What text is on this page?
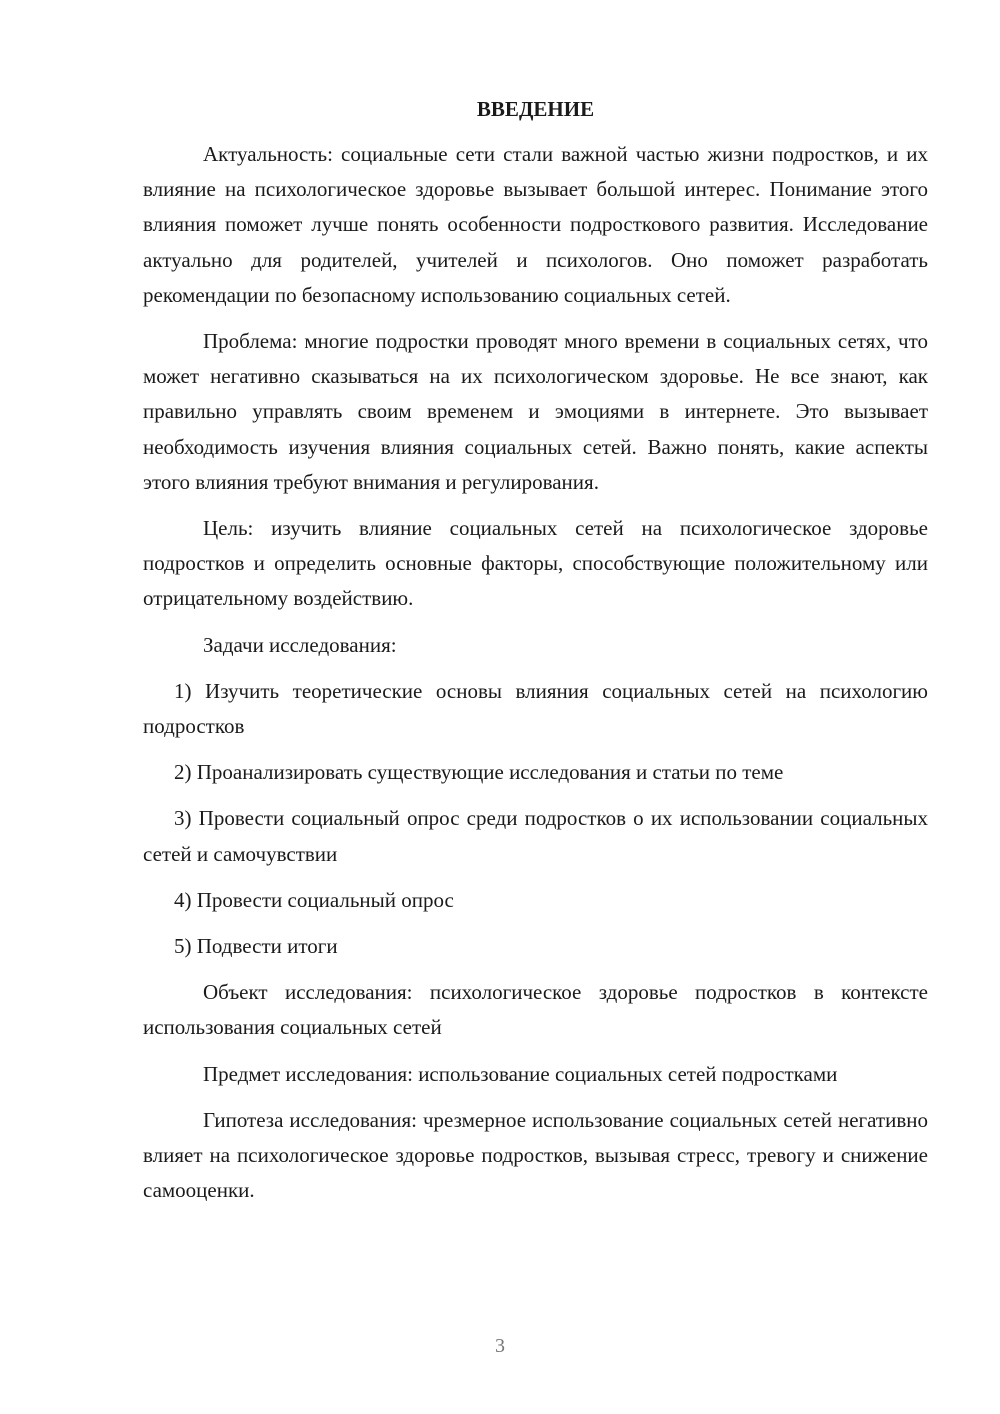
ВВЕДЕНИЕ

Актуальность: социальные сети стали важной частью жизни подростков, и их влияние на психологическое здоровье вызывает большой интерес. Понимание этого влияния поможет лучше понять особенности подросткового развития. Исследование актуально для родителей, учителей и психологов. Оно поможет разработать рекомендации по безопасному использованию социальных сетей.

Проблема: многие подростки проводят много времени в социальных сетях, что может негативно сказываться на их психологическом здоровье. Не все знают, как правильно управлять своим временем и эмоциями в интернете. Это вызывает необходимость изучения влияния социальных сетей. Важно понять, какие аспекты этого влияния требуют внимания и регулирования.

Цель: изучить влияние социальных сетей на психологическое здоровье подростков и определить основные факторы, способствующие положительному или отрицательному воздействию.

Задачи исследования:

1) Изучить теоретические основы влияния социальных сетей на психологию подростков

2) Проанализировать существующие исследования и статьи по теме

3) Провести социальный опрос среди подростков о их использовании социальных сетей и самочувствии

4) Провести социальный опрос

5) Подвести итоги

Объект исследования: психологическое здоровье подростков в контексте использования социальных сетей

Предмет исследования: использование социальных сетей подростками

Гипотеза исследования: чрезмерное использование социальных сетей негативно влияет на психологическое здоровье подростков, вызывая стресс, тревогу и снижение самооценки.

3
